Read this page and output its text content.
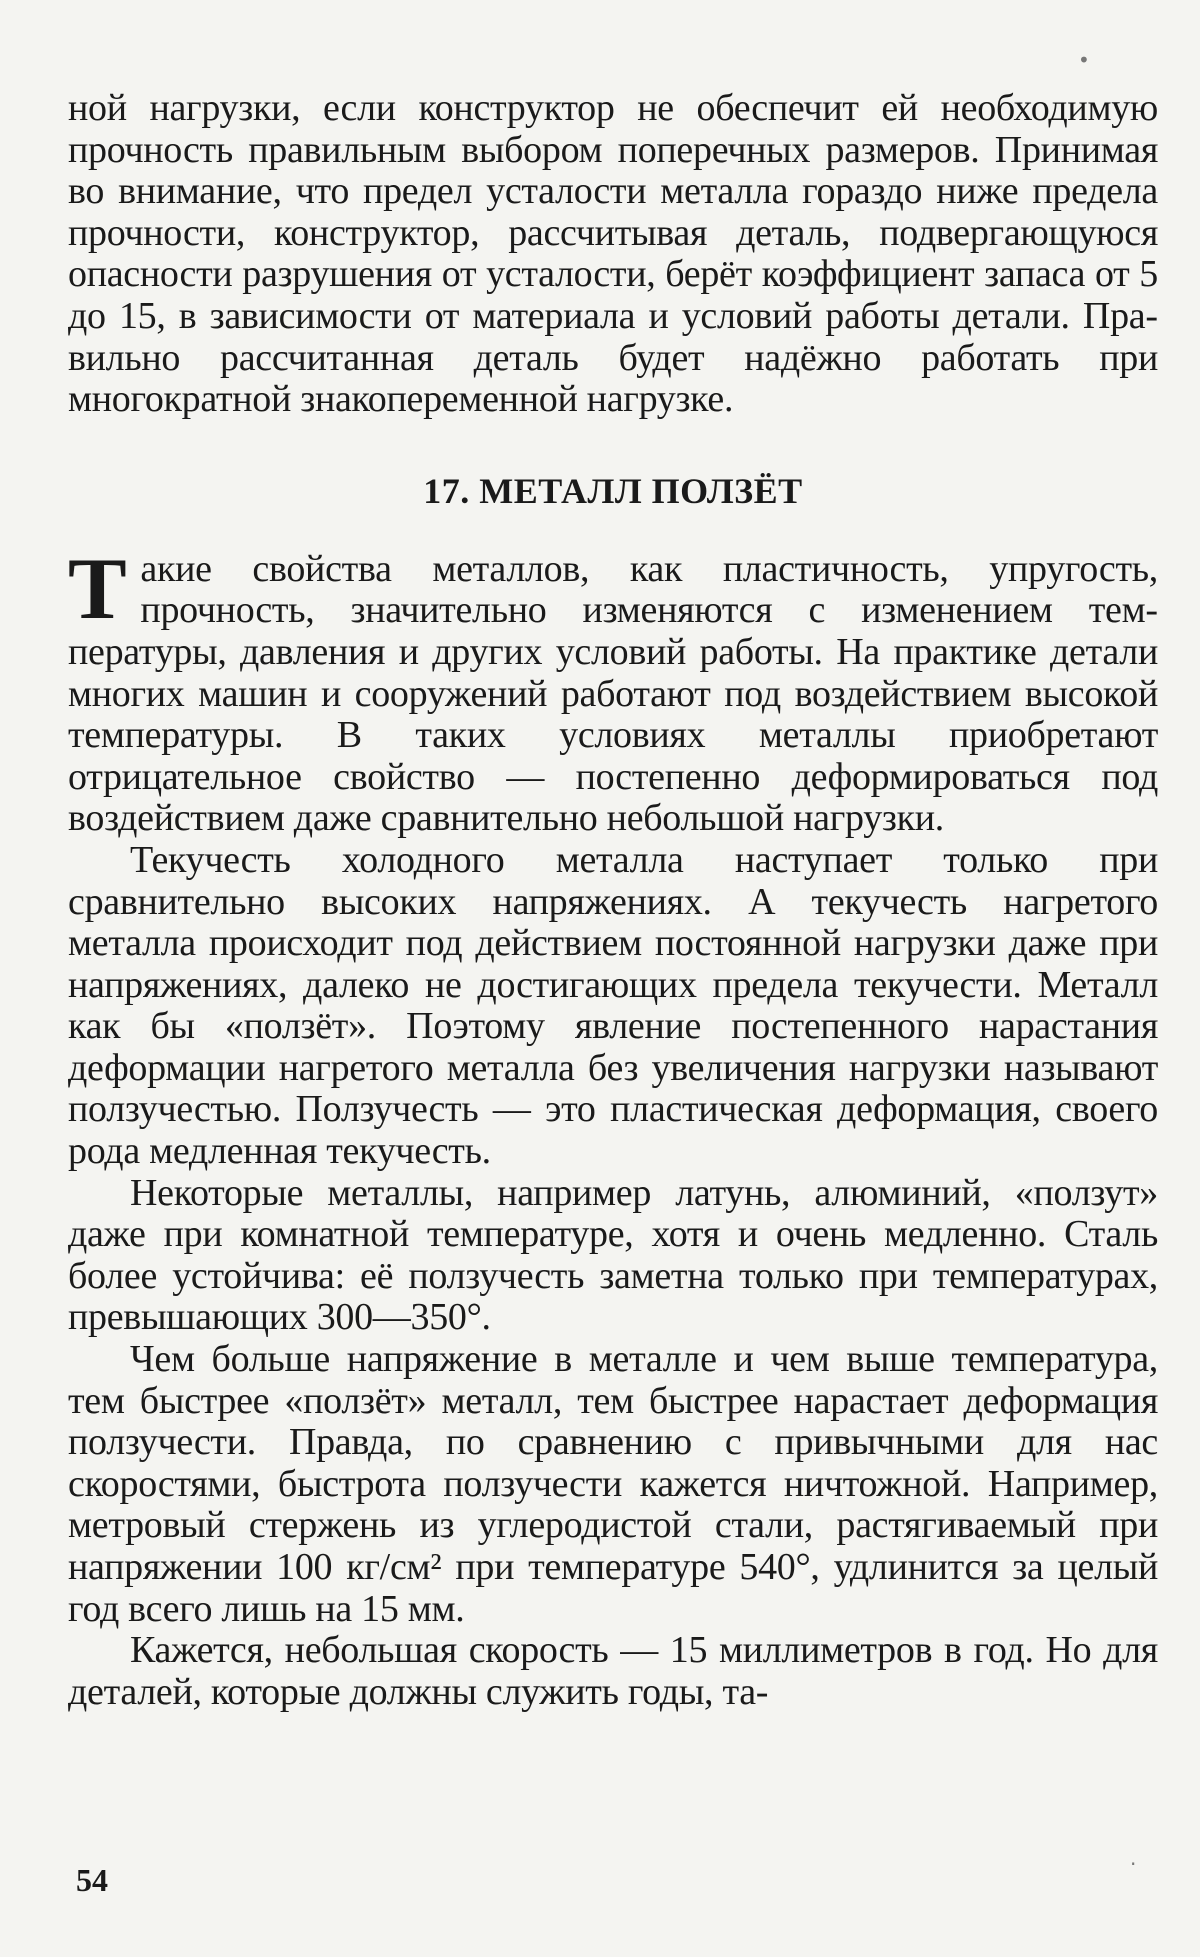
•
·

ной нагрузки, если конструктор не обеспечит ей необходимую прочность правильным выбором поперечных размеров. Принимая во внимание, что предел усталости металла гораздо ниже предела прочности, конструктор, рассчитывая деталь, подвергающуюся опасности разрушения от усталости, берёт коэффициент запаса от 5 до 15, в зависимости от материала и условий работы детали. Правильно рассчитанная деталь будет надёжно работать при многократной знакопеременной нагрузке.

17. МЕТАЛЛ ПОЛЗЁТ

Такие свойства металлов, как пластичность, упругость, прочность, значительно изменяются с изменением температуры, давления и других условий работы. На практике детали многих машин и сооружений работают под воздействием высокой температуры. В таких условиях металлы приобретают отрицательное свойство — постепенно деформироваться под воздействием даже сравнительно небольшой нагрузки.

Текучесть холодного металла наступает только при сравнительно высоких напряжениях. А текучесть нагретого металла происходит под действием постоянной нагрузки даже при напряжениях, далеко не достигающих предела текучести. Металл как бы «ползёт». Поэтому явление постепенного нарастания деформации нагретого металла без увеличения нагрузки называют ползучестью. Ползучесть — это пластическая деформация, своего рода медленная текучесть.

Некоторые металлы, например латунь, алюминий, «ползут» даже при комнатной температуре, хотя и очень медленно. Сталь более устойчива: её ползучесть заметна только при температурах, превышающих 300—350°.

Чем больше напряжение в металле и чем выше температура, тем быстрее «ползёт» металл, тем быстрее нарастает деформация ползучести. Правда, по сравнению с привычными для нас скоростями, быстрота ползучести кажется ничтожной. Например, метровый стержень из углеродистой стали, растягиваемый при напряжении 100 кг/см² при температуре 540°, удлинится за целый год всего лишь на 15 мм.

Кажется, небольшая скорость — 15 миллиметров в год. Но для деталей, которые должны служить годы, та-

54
